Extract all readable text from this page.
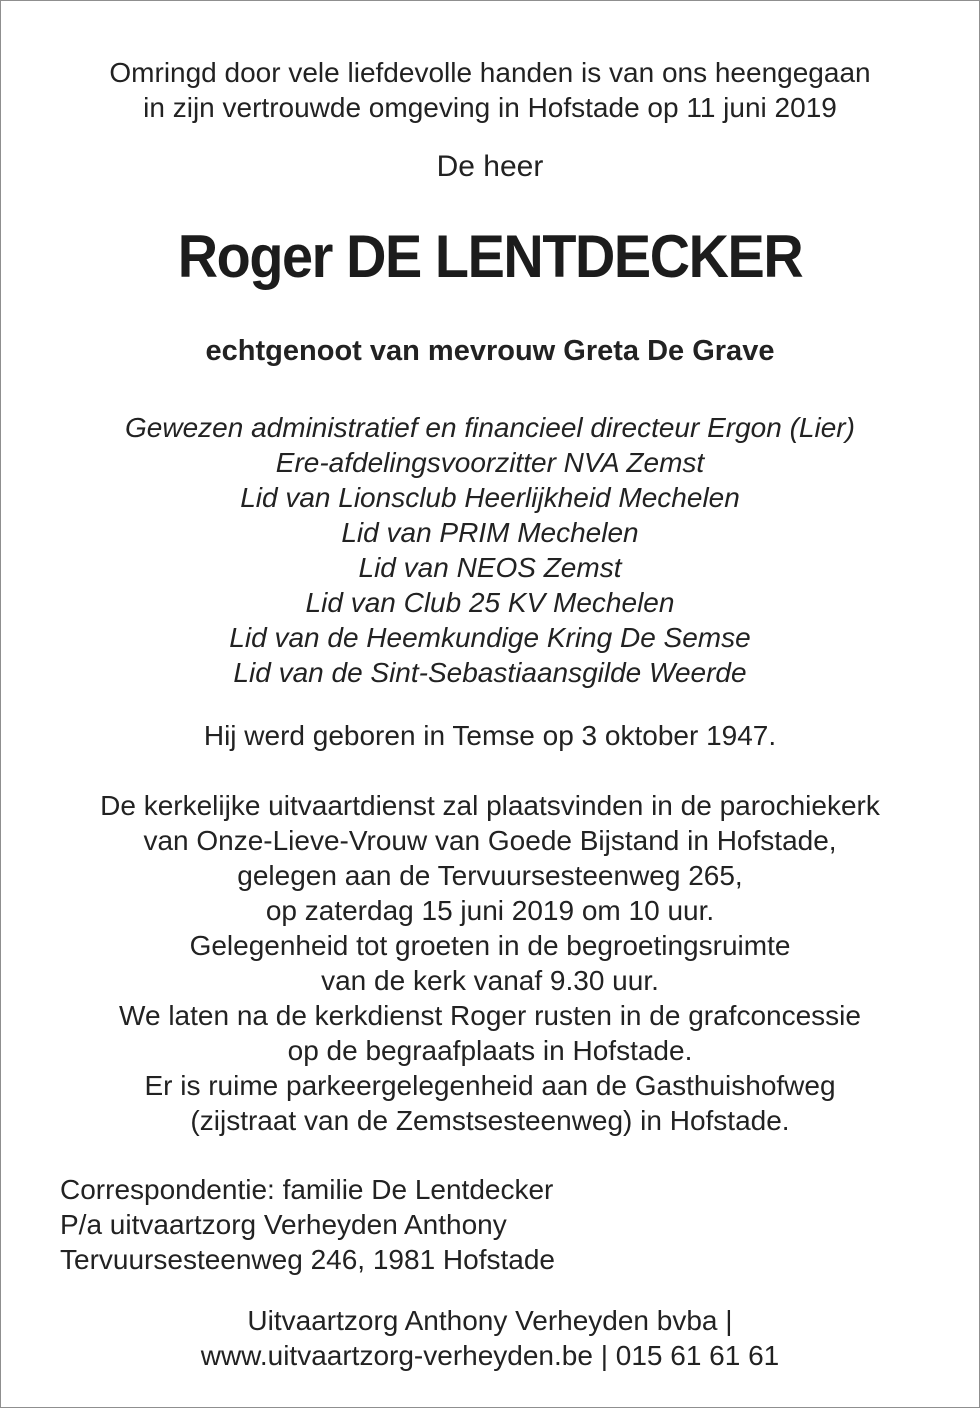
Omringd door vele liefdevolle handen is van ons heengegaan
in zijn vertrouwde omgeving in Hofstade op 11 juni 2019
De heer
Roger DE LENTDECKER
echtgenoot van mevrouw Greta De Grave
Gewezen administratief en financieel directeur Ergon (Lier)
Ere-afdelingsvoorzitter NVA Zemst
Lid van Lionsclub Heerlijkheid Mechelen
Lid van PRIM Mechelen
Lid van NEOS Zemst
Lid van Club 25 KV Mechelen
Lid van de Heemkundige Kring De Semse
Lid van de Sint-Sebastiaansgilde Weerde
Hij werd geboren in Temse op 3 oktober 1947.
De kerkelijke uitvaartdienst zal plaatsvinden in de parochiekerk
van Onze-Lieve-Vrouw van Goede Bijstand in Hofstade,
gelegen aan de Tervuursesteenweg 265,
op zaterdag 15 juni 2019 om 10 uur.
Gelegenheid tot groeten in de begroetingsruimte
van de kerk vanaf 9.30 uur.
We laten na de kerkdienst Roger rusten in de grafconcessie
op de begraafplaats in Hofstade.
Er is ruime parkeergelegenheid aan de Gasthuishofweg
(zijstraat van de Zemstsesteenweg) in Hofstade.
Correspondentie: familie De Lentdecker
P/a uitvaartzorg Verheyden Anthony
Tervuursesteenweg 246, 1981 Hofstade
Uitvaartzorg Anthony Verheyden bvba |
www.uitvaartzorg-verheyden.be | 015 61 61 61
